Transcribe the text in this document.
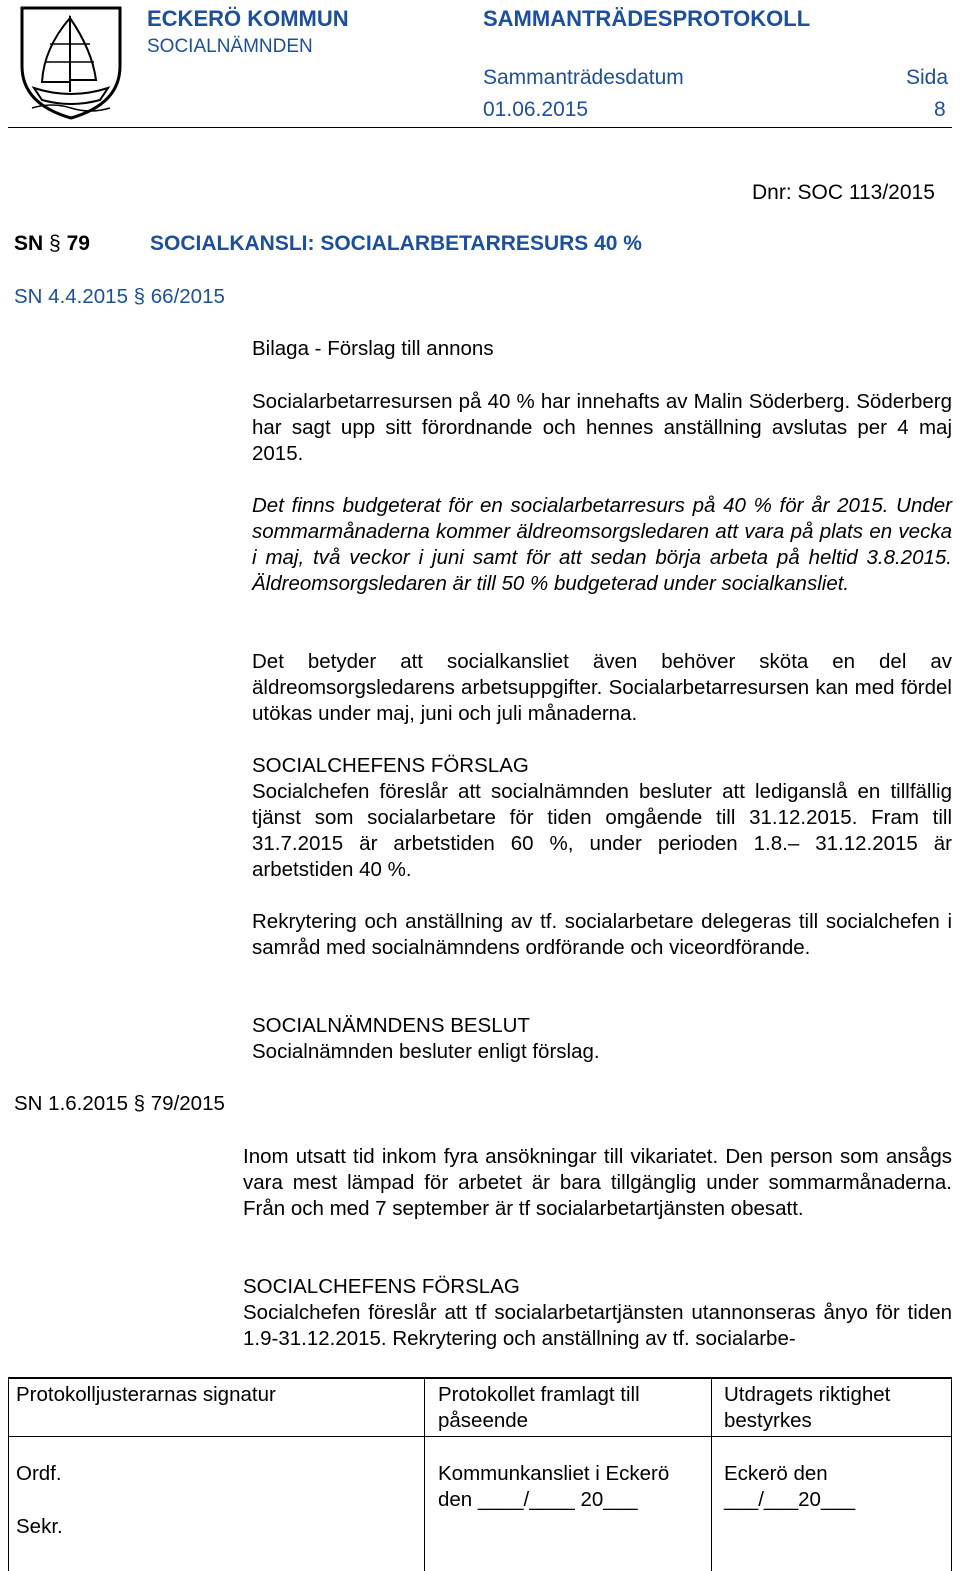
ECKERÖ KOMMUN
SOCIALNÄMNDEN
SAMMANTRÄDESPROTOKOLL
Sammanträdesdatum
01.06.2015
Sida
8
Dnr: SOC 113/2015
SN § 79	SOCIALKANSLI: SOCIALARBETARRESURS 40 %
SN 4.4.2015 § 66/2015
Bilaga - Förslag till annons
Socialarbetarresursen på 40 % har innehafts av Malin Söderberg. Söderberg har sagt upp sitt förordnande och hennes anställning avslutas per 4 maj 2015.
Det finns budgeterat för en socialarbetarresurs på 40 % för år 2015. Under sommarmånaderna kommer äldreomsorgsledaren att vara på plats en vecka i maj, två veckor i juni samt för att sedan börja arbeta på heltid 3.8.2015. Äldreomsorgsledaren är till 50 % budgeterad under socialkansliet.
Det betyder att socialkansliet även behöver sköta en del av äldreomsorgsledarens arbetsuppgifter. Socialarbetarresursen kan med fördel utökas under maj, juni och juli månaderna.
SOCIALCHEFENS FÖRSLAG
Socialchefen föreslår att socialnämnden besluter att lediganslå en tillfällig tjänst som socialarbetare för tiden omgående till 31.12.2015. Fram till 31.7.2015 är arbetstiden 60 %, under perioden 1.8.– 31.12.2015 är arbetstiden 40 %.
Rekrytering och anställning av tf. socialarbetare delegeras till socialchefen i samråd med socialnämndens ordförande och viceordförande.
SOCIALNÄMNDENS BESLUT
Socialnämnden besluter enligt förslag.
SN 1.6.2015 § 79/2015
Inom utsatt tid inkom fyra ansökningar till vikariatet. Den person som ansågs vara mest lämpad för arbetet är bara tillgänglig under sommarmånaderna. Från och med 7 september är tf socialarbetartjänsten obesatt.
SOCIALCHEFENS FÖRSLAG
Socialchefen föreslår att tf socialarbetartjänsten utannonseras ånyo för tiden 1.9-31.12.2015. Rekrytering och anställning av tf. socialarbe-
Protokolljusterarnas signatur	Protokollet framlagt till
påseende
Utdragets riktighet
bestyrkes
Ordf.
Sekr.
Kommunkansliet i Eckerö
den ____/____ 20___
Eckerö den
___/___20___
